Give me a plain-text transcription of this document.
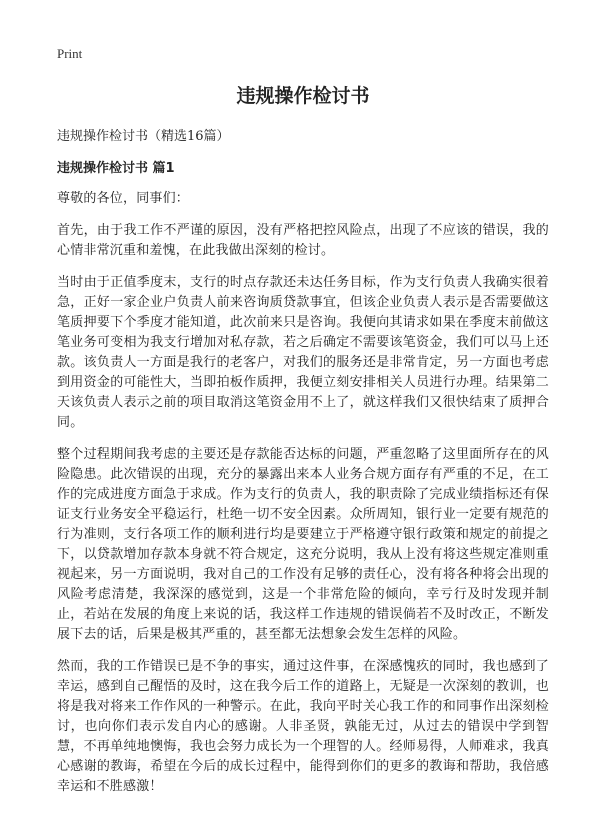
Print
违规操作检讨书

违规操作检讨书（精选16篇）

违规操作检讨书 篇1

尊敬的各位，同事们：

首先，由于我工作不严谨的原因，没有严格把控风险点，出现了不应该的错误，我的心情非常沉重和羞愧，在此我做出深刻的检讨。

当时由于正值季度末，支行的时点存款还未达任务目标，作为支行负责人我确实很着急，正好一家企业户负责人前来咨询质贷款事宜，但该企业负责人表示是否需要做这笔质押要下个季度才能知道，此次前来只是咨询。我便向其请求如果在季度末前做这笔业务可变相为我支行增加对私存款，若之后确定不需要该笔资金，我们可以马上还款。该负责人一方面是我行的老客户，对我们的服务还是非常肯定，另一方面也考虑到用资金的可能性大，当即拍板作质押，我便立刻安排相关人员进行办理。结果第二天该负责人表示之前的项目取消这笔资金用不上了，就这样我们又很快结束了质押合同。

整个过程期间我考虑的主要还是存款能否达标的问题，严重忽略了这里面所存在的风险隐患。此次错误的出现，充分的暴露出来本人业务合规方面存有严重的不足，在工作的完成进度方面急于求成。作为支行的负责人，我的职责除了完成业绩指标还有保证支行业务安全平稳运行，杜绝一切不安全因素。众所周知，银行业一定要有规范的行为准则，支行各项工作的顺利进行均是要建立于严格遵守银行政策和规定的前提之下，以贷款增加存款本身就不符合规定，这充分说明，我从上没有将这些规定准则重视起来，另一方面说明，我对自己的工作没有足够的责任心，没有将各种将会出现的风险考虑清楚，我深深的感觉到，这是一个非常危险的倾向，幸亏行及时发现并制止，若站在发展的角度上来说的话，我这样工作违规的错误倘若不及时改正，不断发展下去的话，后果是极其严重的，甚至都无法想象会发生怎样的风险。

然而，我的工作错误已是不争的事实，通过这件事，在深感愧疚的同时，我也感到了幸运，感到自己醒悟的及时，这在我今后工作的道路上，无疑是一次深刻的教训，也将是我对将来工作作风的一种警示。在此，我向平时关心我工作的和同事作出深刻检讨，也向你们表示发自内心的感谢。人非圣贤，孰能无过，从过去的错误中学到智慧，不再单纯地懊悔，我也会努力成长为一个理智的人。经师易得，人师难求，我真心感谢的教诲，希望在今后的成长过程中，能得到你们的更多的教诲和帮助，我倍感幸运和不胜感激！
